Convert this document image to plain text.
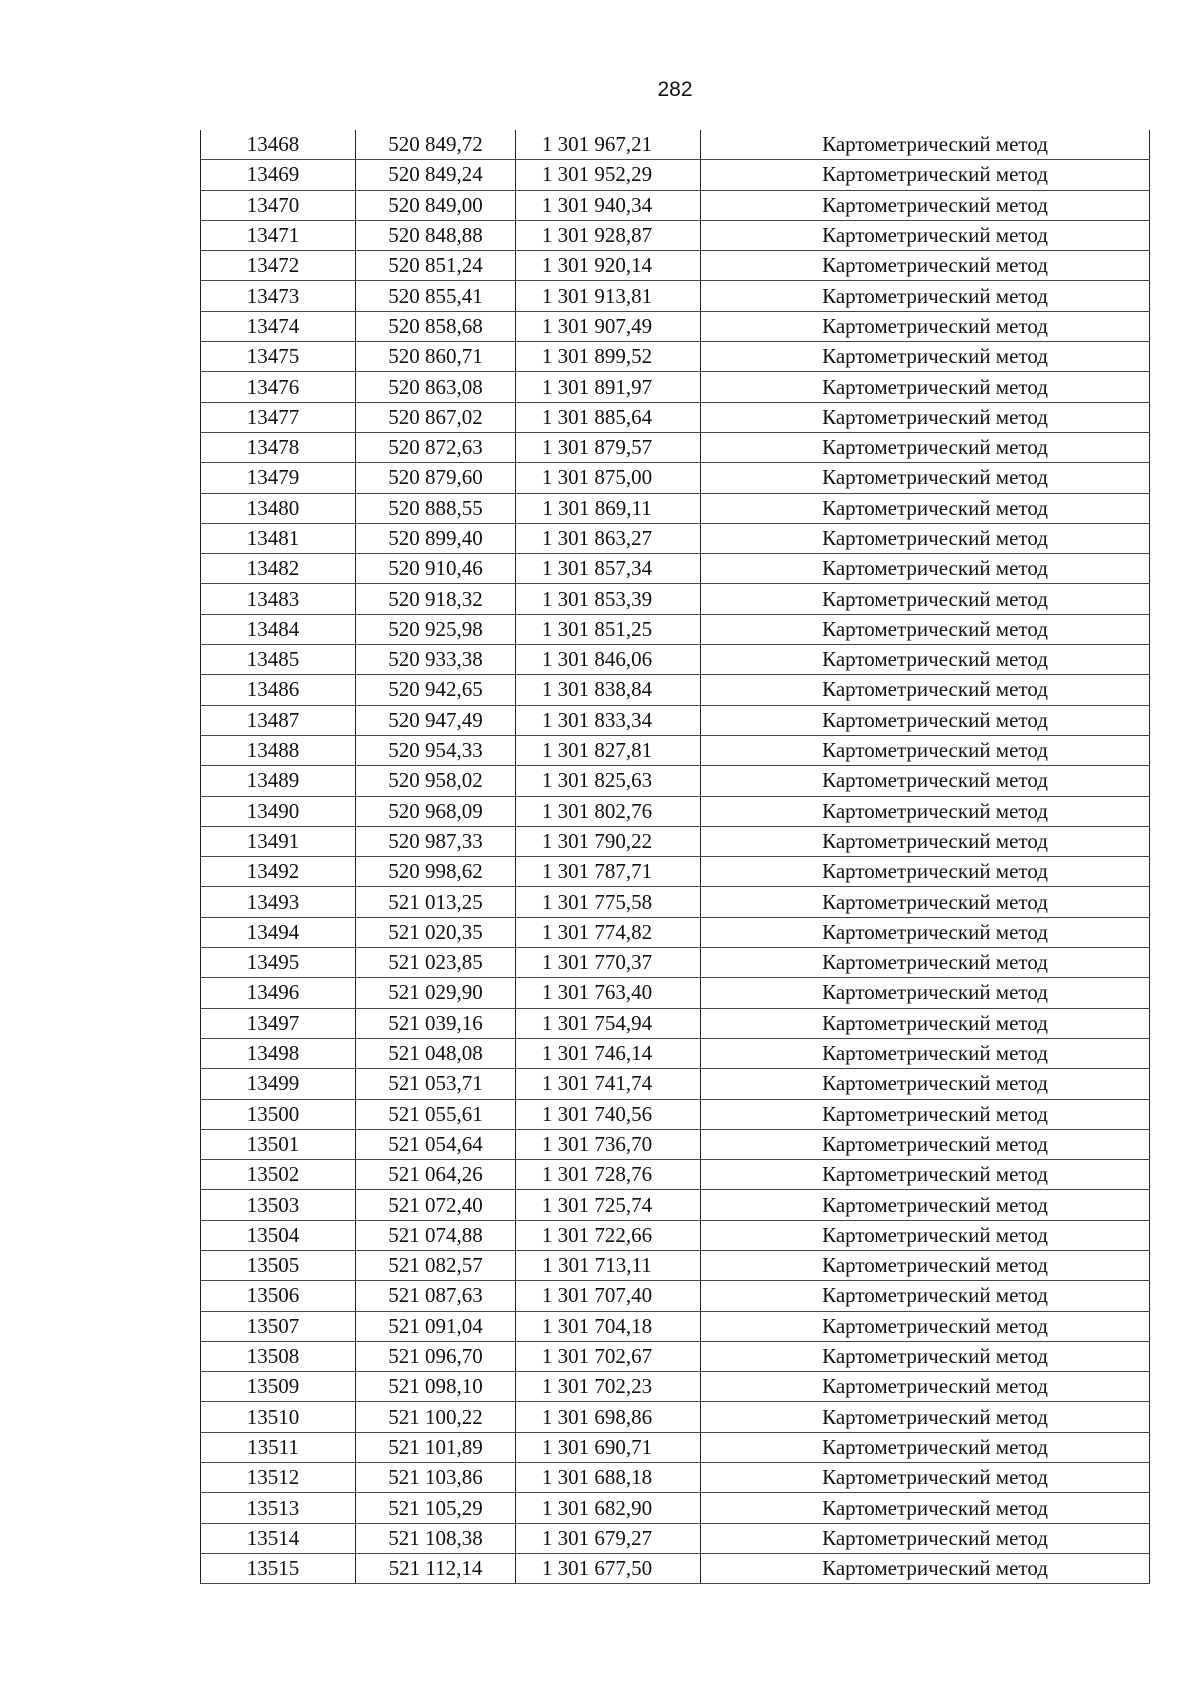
282
13468	520 849,72	1 301 967,21	Картометрический метод
13469	520 849,24	1 301 952,29	Картометрический метод
13470	520 849,00	1 301 940,34	Картометрический метод
13471	520 848,88	1 301 928,87	Картометрический метод
13472	520 851,24	1 301 920,14	Картометрический метод
13473	520 855,41	1 301 913,81	Картометрический метод
13474	520 858,68	1 301 907,49	Картометрический метод
13475	520 860,71	1 301 899,52	Картометрический метод
13476	520 863,08	1 301 891,97	Картометрический метод
13477	520 867,02	1 301 885,64	Картометрический метод
13478	520 872,63	1 301 879,57	Картометрический метод
13479	520 879,60	1 301 875,00	Картометрический метод
13480	520 888,55	1 301 869,11	Картометрический метод
13481	520 899,40	1 301 863,27	Картометрический метод
13482	520 910,46	1 301 857,34	Картометрический метод
13483	520 918,32	1 301 853,39	Картометрический метод
13484	520 925,98	1 301 851,25	Картометрический метод
13485	520 933,38	1 301 846,06	Картометрический метод
13486	520 942,65	1 301 838,84	Картометрический метод
13487	520 947,49	1 301 833,34	Картометрический метод
13488	520 954,33	1 301 827,81	Картометрический метод
13489	520 958,02	1 301 825,63	Картометрический метод
13490	520 968,09	1 301 802,76	Картометрический метод
13491	520 987,33	1 301 790,22	Картометрический метод
13492	520 998,62	1 301 787,71	Картометрический метод
13493	521 013,25	1 301 775,58	Картометрический метод
13494	521 020,35	1 301 774,82	Картометрический метод
13495	521 023,85	1 301 770,37	Картометрический метод
13496	521 029,90	1 301 763,40	Картометрический метод
13497	521 039,16	1 301 754,94	Картометрический метод
13498	521 048,08	1 301 746,14	Картометрический метод
13499	521 053,71	1 301 741,74	Картометрический метод
13500	521 055,61	1 301 740,56	Картометрический метод
13501	521 054,64	1 301 736,70	Картометрический метод
13502	521 064,26	1 301 728,76	Картометрический метод
13503	521 072,40	1 301 725,74	Картометрический метод
13504	521 074,88	1 301 722,66	Картометрический метод
13505	521 082,57	1 301 713,11	Картометрический метод
13506	521 087,63	1 301 707,40	Картометрический метод
13507	521 091,04	1 301 704,18	Картометрический метод
13508	521 096,70	1 301 702,67	Картометрический метод
13509	521 098,10	1 301 702,23	Картометрический метод
13510	521 100,22	1 301 698,86	Картометрический метод
13511	521 101,89	1 301 690,71	Картометрический метод
13512	521 103,86	1 301 688,18	Картометрический метод
13513	521 105,29	1 301 682,90	Картометрический метод
13514	521 108,38	1 301 679,27	Картометрический метод
13515	521 112,14	1 301 677,50	Картометрический метод
